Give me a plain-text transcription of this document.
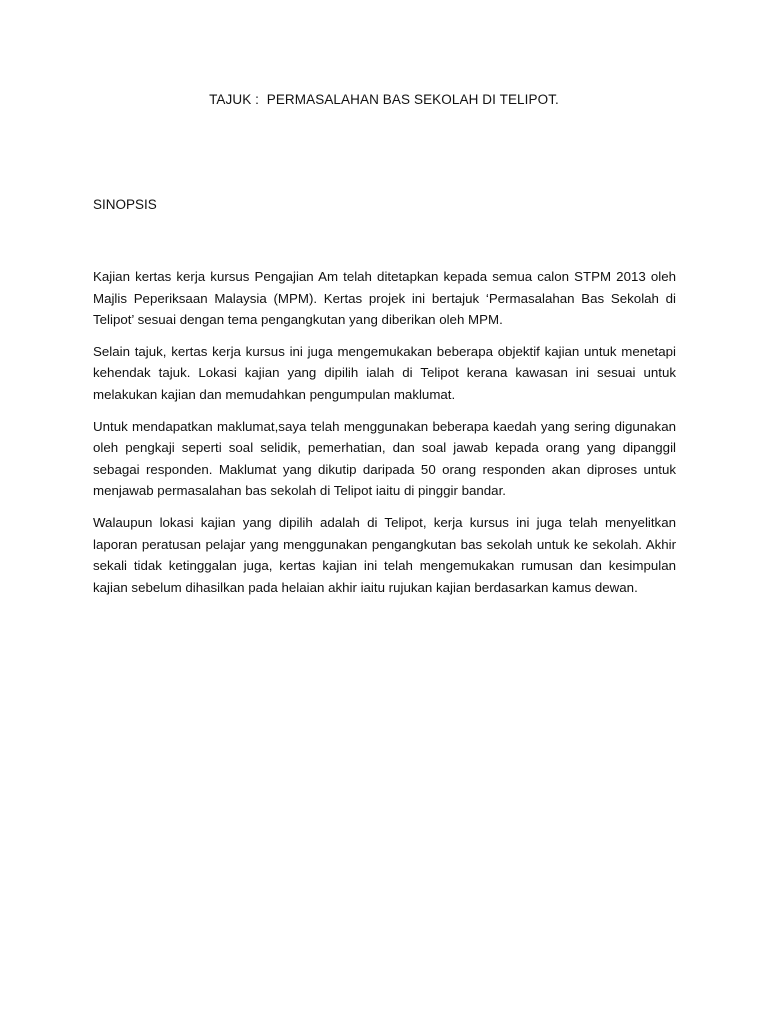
TAJUK :  PERMASALAHAN BAS SEKOLAH DI TELIPOT.
SINOPSIS

Kajian kertas kerja kursus Pengajian Am telah ditetapkan kepada semua calon STPM 2013 oleh Majlis Peperiksaan Malaysia (MPM). Kertas projek ini bertajuk ‘Permasalahan Bas Sekolah di Telipot’ sesuai dengan tema pengangkutan yang diberikan oleh MPM.

Selain tajuk, kertas kerja kursus ini juga mengemukakan beberapa objektif kajian untuk menetapi kehendak tajuk. Lokasi kajian yang dipilih ialah di Telipot kerana kawasan ini sesuai untuk melakukan kajian dan memudahkan pengumpulan maklumat.

Untuk mendapatkan maklumat,saya telah menggunakan beberapa kaedah yang sering digunakan oleh pengkaji seperti soal selidik, pemerhatian, dan soal jawab kepada orang yang dipanggil sebagai responden. Maklumat yang dikutip daripada 50 orang responden akan diproses untuk menjawab permasalahan bas sekolah di Telipot iaitu di pinggir bandar.

Walaupun lokasi kajian yang dipilih adalah di Telipot, kerja kursus ini juga telah menyelitkan laporan peratusan pelajar yang menggunakan pengangkutan bas sekolah untuk ke sekolah. Akhir sekali tidak ketinggalan juga, kertas kajian ini telah mengemukakan rumusan dan kesimpulan kajian sebelum dihasilkan pada helaian akhir iaitu rujukan kajian berdasarkan kamus dewan.
